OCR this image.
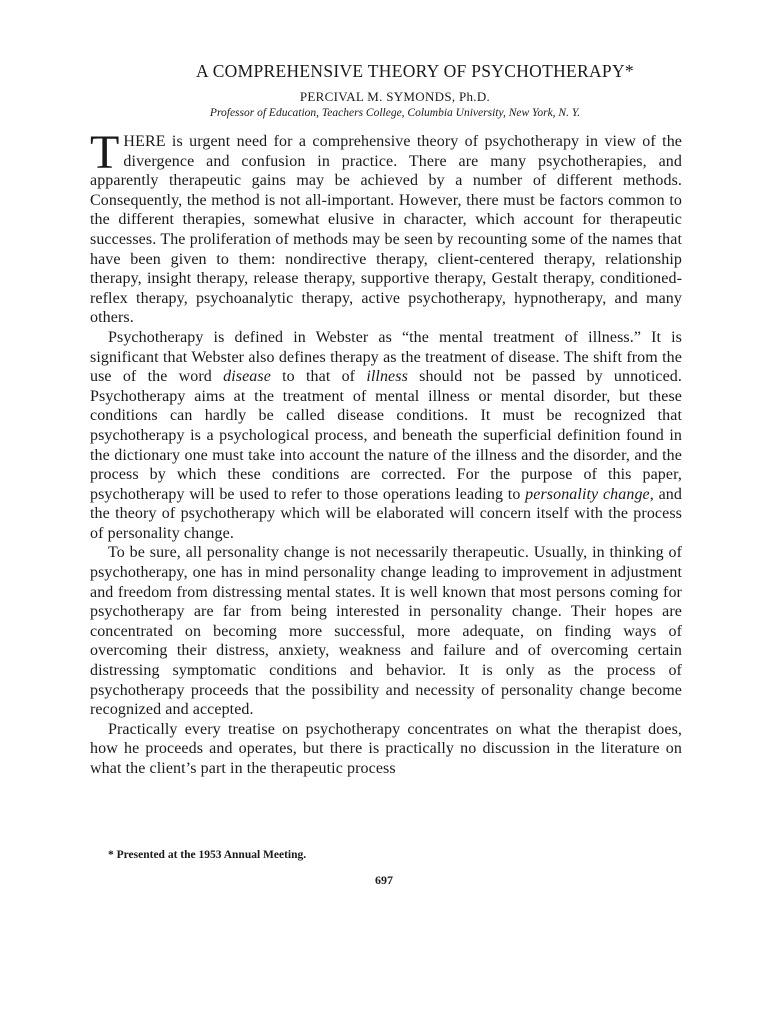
A COMPREHENSIVE THEORY OF PSYCHOTHERAPY*
PERCIVAL M. SYMONDS, Ph.D.
Professor of Education, Teachers College, Columbia University, New York, N. Y.

THERE is urgent need for a comprehensive theory of psychotherapy in view of the divergence and confusion in practice. There are many psychotherapies, and apparently therapeutic gains may be achieved by a number of different methods. Consequently, the method is not all-important. However, there must be factors common to the different therapies, somewhat elusive in character, which account for therapeutic successes. The proliferation of methods may be seen by recounting some of the names that have been given to them: nondirective therapy, client-centered therapy, relationship therapy, insight therapy, release therapy, supportive therapy, Gestalt therapy, conditioned-reflex therapy, psychoanalytic therapy, active psychotherapy, hypnotherapy, and many others.

Psychotherapy is defined in Webster as “the mental treatment of illness.” It is significant that Webster also defines therapy as the treatment of disease. The shift from the use of the word disease to that of illness should not be passed by unnoticed. Psychotherapy aims at the treatment of mental illness or mental disorder, but these conditions can hardly be called disease conditions. It must be recognized that psychotherapy is a psychological process, and beneath the superficial definition found in the dictionary one must take into account the nature of the illness and the disorder, and the process by which these conditions are corrected. For the purpose of this paper, psychotherapy will be used to refer to those operations leading to personality change, and the theory of psychotherapy which will be elaborated will concern itself with the process of personality change.

To be sure, all personality change is not necessarily therapeutic. Usually, in thinking of psychotherapy, one has in mind personality change leading to improvement in adjustment and freedom from distressing mental states. It is well known that most persons coming for psychotherapy are far from being interested in personality change. Their hopes are concentrated on becoming more successful, more adequate, on finding ways of overcoming their distress, anxiety, weakness and failure and of overcoming certain distressing symptomatic conditions and behavior. It is only as the process of psychotherapy proceeds that the possibility and necessity of personality change become recognized and accepted.

Practically every treatise on psychotherapy concentrates on what the therapist does, how he proceeds and operates, but there is practically no discussion in the literature on what the client’s part in the therapeutic process

* Presented at the 1953 Annual Meeting.
697
